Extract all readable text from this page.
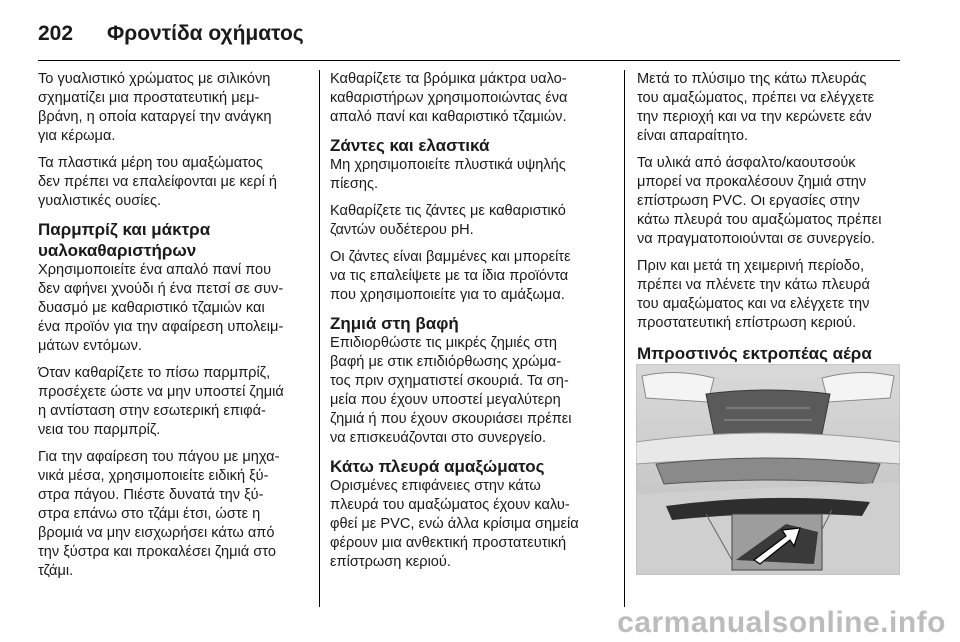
202 Φροντίδα οχήματος

Το γυαλιστικό χρώματος με σιλικόνη
σχηματίζει μια προστατευτική μεμ-
βράνη, η οποία καταργεί την ανάγκη
για κέρωμα.

Τα πλαστικά μέρη του αμαξώματος
δεν πρέπει να επαλείφονται με κερί ή
γυαλιστικές ουσίες.

Παρμπρίζ και μάκτρα
υαλοκαθαριστήρων

Χρησιμοποιείτε ένα απαλό πανί που
δεν αφήνει χνούδι ή ένα πετσί σε συν-
δυασμό με καθαριστικό τζαμιών και
ένα προϊόν για την αφαίρεση υπολειμ-
μάτων εντόμων.

Όταν καθαρίζετε το πίσω παρμπρίζ,
προσέχετε ώστε να μην υποστεί ζημιά
η αντίσταση στην εσωτερική επιφά-
νεια του παρμπρίζ.

Για την αφαίρεση του πάγου με μηχα-
νικά μέσα, χρησιμοποιείτε ειδική ξύ-
στρα πάγου. Πιέστε δυνατά την ξύ-
στρα επάνω στο τζάμι έτσι, ώστε η
βρομιά να μην εισχωρήσει κάτω από
την ξύστρα και προκαλέσει ζημιά στο
τζάμι.

Καθαρίζετε τα βρόμικα μάκτρα υαλο-
καθαριστήρων χρησιμοποιώντας ένα
απαλό πανί και καθαριστικό τζαμιών.

Ζάντες και ελαστικά

Μη χρησιμοποιείτε πλυστικά υψηλής
πίεσης.

Καθαρίζετε τις ζάντες με καθαριστικό
ζαντών ουδέτερου pH.

Οι ζάντες είναι βαμμένες και μπορείτε
να τις επαλείψετε με τα ίδια προϊόντα
που χρησιμοποιείτε για το αμάξωμα.

Ζημιά στη βαφή

Επιδιορθώστε τις μικρές ζημιές στη
βαφή με στικ επιδιόρθωσης χρώμα-
τος πριν σχηματιστεί σκουριά. Τα ση-
μεία που έχουν υποστεί μεγαλύτερη
ζημιά ή που έχουν σκουριάσει πρέπει
να επισκευάζονται στο συνεργείο.

Κάτω πλευρά αμαξώματος

Ορισμένες επιφάνειες στην κάτω
πλευρά του αμαξώματος έχουν καλυ-
φθεί με PVC, ενώ άλλα κρίσιμα σημεία
φέρουν μια ανθεκτική προστατευτική
επίστρωση κεριού.

Μετά το πλύσιμο της κάτω πλευράς
του αμαξώματος, πρέπει να ελέγχετε
την περιοχή και να την κερώνετε εάν
είναι απαραίτητο.

Τα υλικά από άσφαλτο/καουτσούκ
μπορεί να προκαλέσουν ζημιά στην
επίστρωση PVC. Οι εργασίες στην
κάτω πλευρά του αμαξώματος πρέπει
να πραγματοποιούνται σε συνεργείο.

Πριν και μετά τη χειμερινή περίοδο,
πρέπει να πλένετε την κάτω πλευρά
του αμαξώματος και να ελέγχετε την
προστατευτική επίστρωση κεριού.

Μπροστινός εκτροπέας αέρα
carmanualsonline.info
